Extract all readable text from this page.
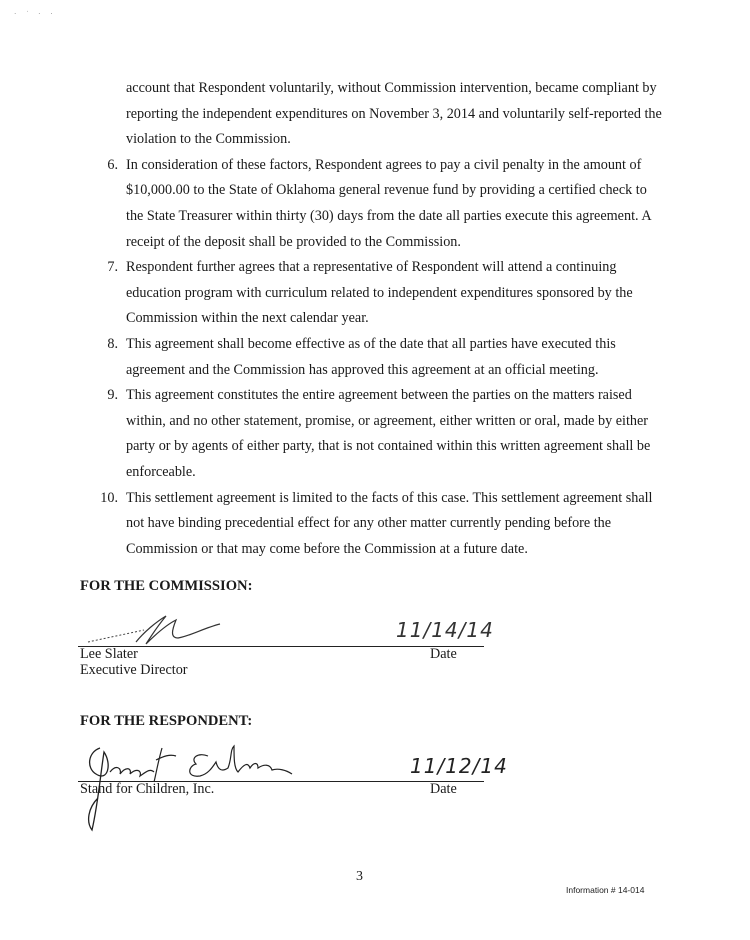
· ˈ · ·

account that Respondent voluntarily, without Commission intervention, became compliant by reporting the independent expenditures on November 3, 2014 and voluntarily self-reported the violation to the Commission.

6. In consideration of these factors, Respondent agrees to pay a civil penalty in the amount of $10,000.00 to the State of Oklahoma general revenue fund by providing a certified check to the State Treasurer within thirty (30) days from the date all parties execute this agreement. A receipt of the deposit shall be provided to the Commission.
7. Respondent further agrees that a representative of Respondent will attend a continuing education program with curriculum related to independent expenditures sponsored by the Commission within the next calendar year.
8. This agreement shall become effective as of the date that all parties have executed this agreement and the Commission has approved this agreement at an official meeting.
9. This agreement constitutes the entire agreement between the parties on the matters raised within, and no other statement, promise, or agreement, either written or oral, made by either party or by agents of either party, that is not contained within this written agreement shall be enforceable.
10. This settlement agreement is limited to the facts of this case. This settlement agreement shall not have binding precedential effect for any other matter currently pending before the Commission or that may come before the Commission at a future date.
FOR THE COMMISSION:
11/14/14
Lee Slater
Executive Director
Date
FOR THE RESPONDENT:
11/12/14
Stand for Children, Inc.	Date
3
Information # 14-014
